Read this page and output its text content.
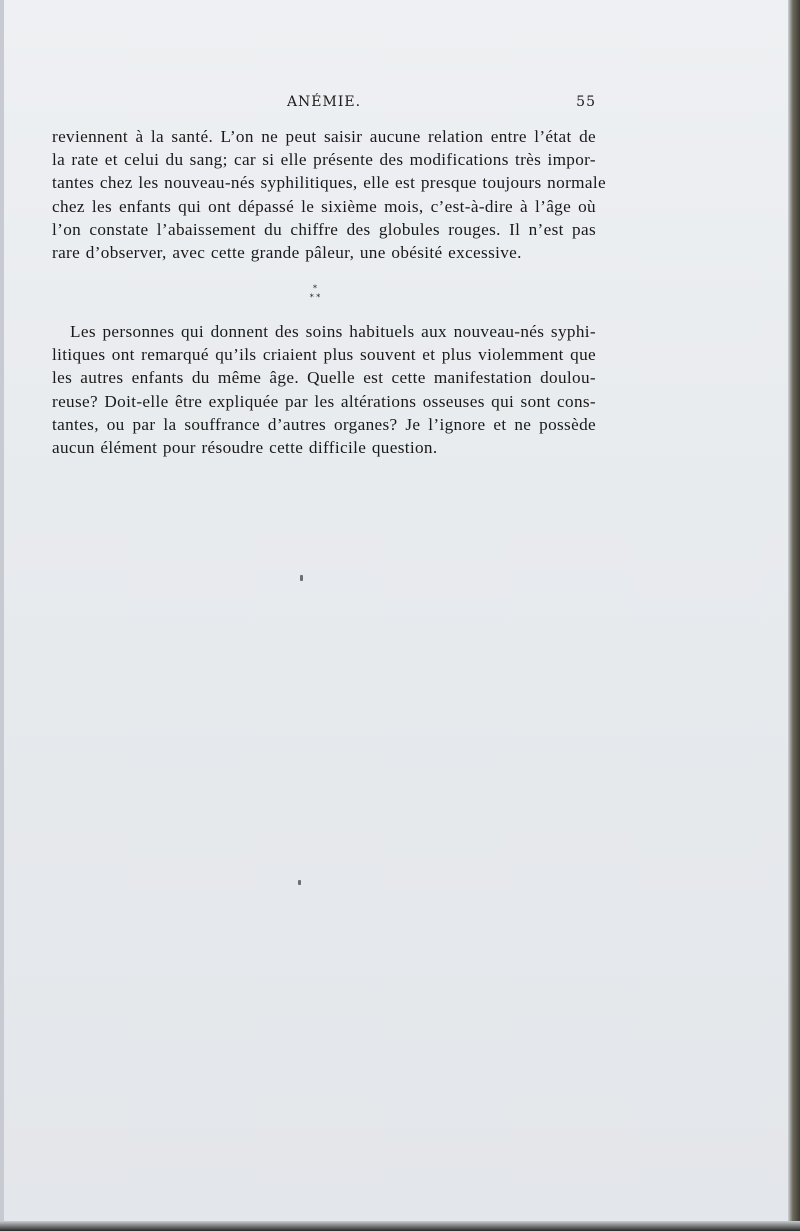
ANÉMIE.	55
reviennent à la santé. L’on ne peut saisir aucune relation entre l’état de
la rate et celui du sang; car si elle présente des modifications très impor-
tantes chez les nouveau-nés syphilitiques, elle est presque toujours normale
chez les enfants qui ont dépassé le sixième mois, c’est-à-dire à l’âge où
l’on constate l’abaissement du chiffre des globules rouges. Il n’est pas
rare d’observer, avec cette grande pâleur, une obésité excessive.
*
* *
Les personnes qui donnent des soins habituels aux nouveau-nés syphi-
litiques ont remarqué qu’ils criaient plus souvent et plus violemment que
les autres enfants du même âge. Quelle est cette manifestation doulou-
reuse? Doit-elle être expliquée par les altérations osseuses qui sont cons-
tantes, ou par la souffrance d’autres organes? Je l’ignore et ne possède
aucun élément pour résoudre cette difficile question.
